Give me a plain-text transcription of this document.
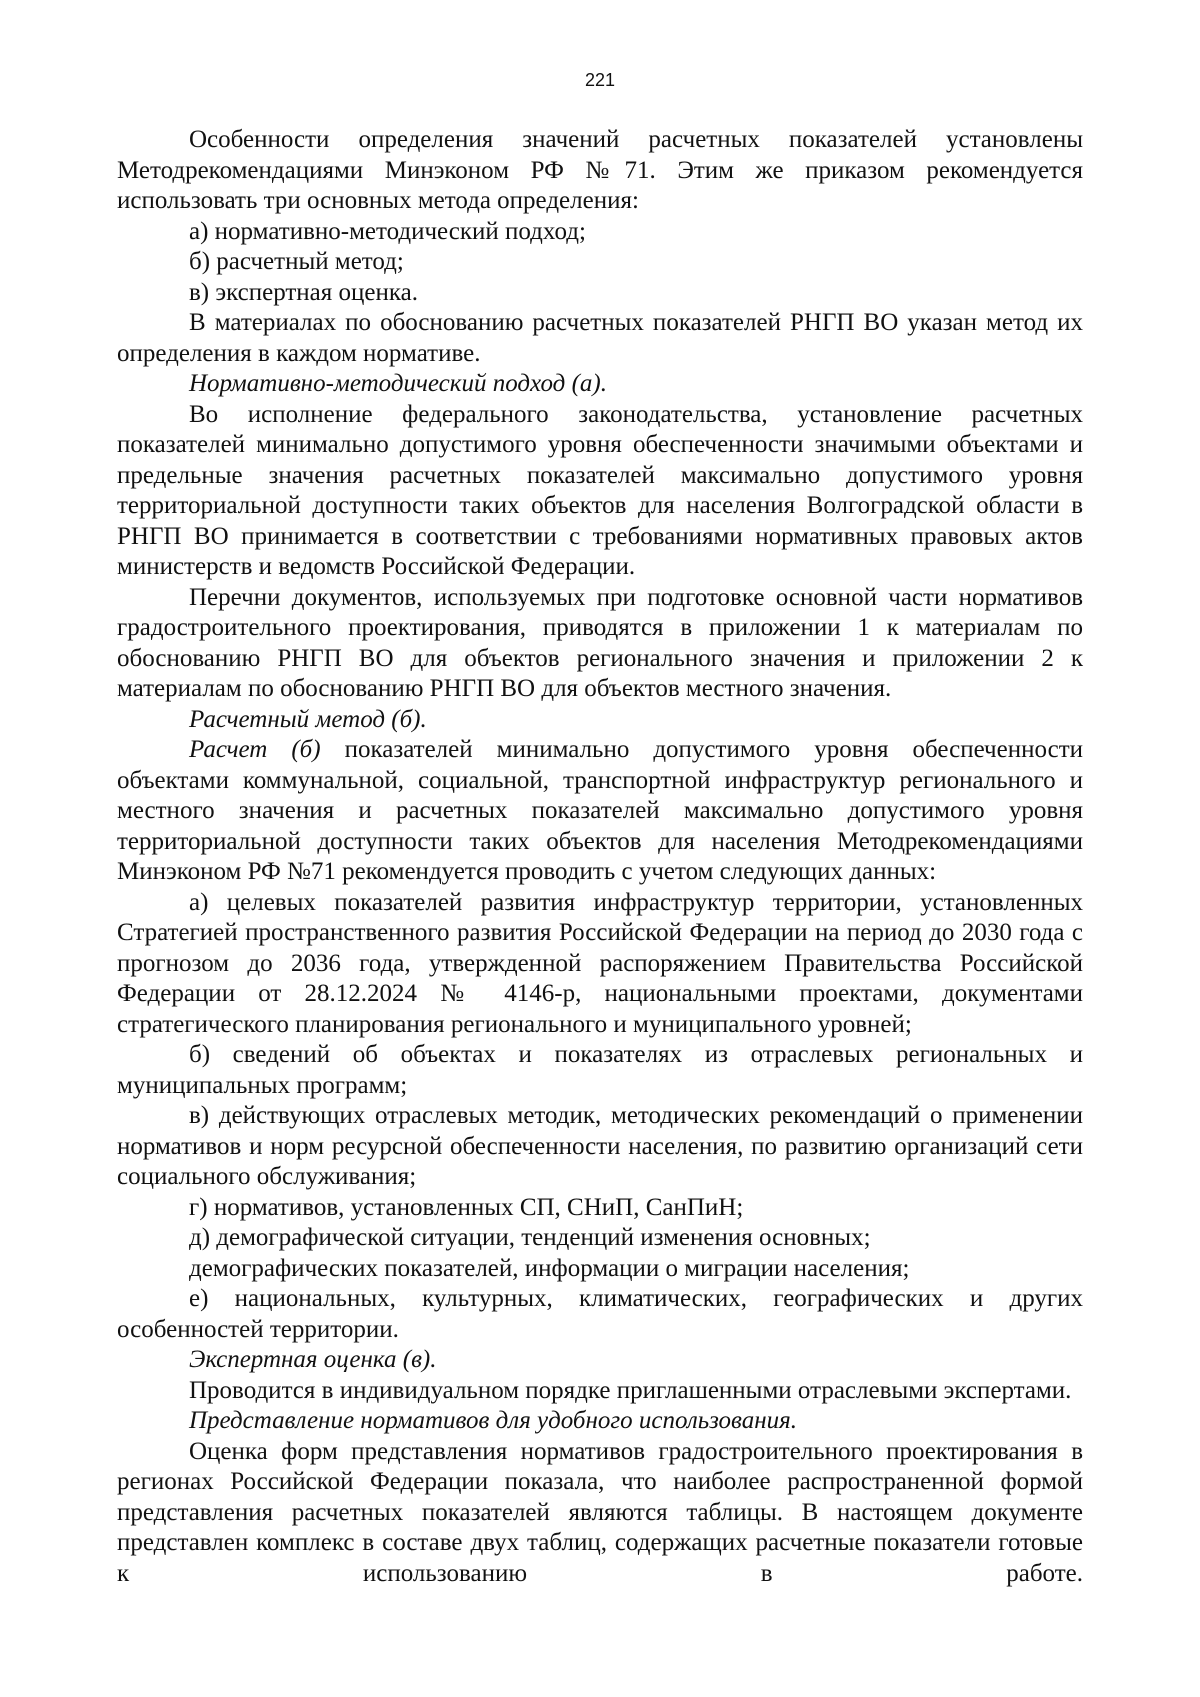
221

Особенности определения значений расчетных показателей установлены Методрекомендациями Минэконом РФ №71. Этим же приказом рекомендуется использовать три основных метода определения:

а) нормативно-методический подход;

б) расчетный метод;

в) экспертная оценка.

В материалах по обоснованию расчетных показателей РНГП ВО указан метод их определения в каждом нормативе.

Нормативно-методический подход (а).

Во исполнение федерального законодательства, установление расчетных показателей минимально допустимого уровня обеспеченности значимыми объектами и предельные значения расчетных показателей максимально допустимого уровня территориальной доступности таких объектов для населения Волгоградской области в РНГП ВО принимается в соответствии с требованиями нормативных правовых актов министерств и ведомств Российской Федерации.

Перечни документов, используемых при подготовке основной части нормативов градостроительного проектирования, приводятся в приложении 1 к материалам по обоснованию РНГП ВО для объектов регионального значения и приложении 2 к материалам по обоснованию РНГП ВО для объектов местного значения.

Расчетный метод (б).

Расчет (б) показателей минимально допустимого уровня обеспеченности объектами коммунальной, социальной, транспортной инфраструктур регионального и местного значения и расчетных показателей максимально допустимого уровня территориальной доступности таких объектов для населения Методрекомендациями Минэконом РФ №71 рекомендуется проводить с учетом следующих данных:

а) целевых показателей развития инфраструктур территории, установленных Стратегией пространственного развития Российской Федерации на период до 2030 года с прогнозом до 2036 года, утвержденной распоряжением Правительства Российской Федерации от 28.12.2024 № 4146-р, национальными проектами, документами стратегического планирования регионального и муниципального уровней;

б) сведений об объектах и показателях из отраслевых региональных и муниципальных программ;

в) действующих отраслевых методик, методических рекомендаций о применении нормативов и норм ресурсной обеспеченности населения, по развитию организаций сети социального обслуживания;

г) нормативов, установленных СП, СНиП, СанПиН;

д) демографической ситуации, тенденций изменения основных;

демографических показателей, информации о миграции населения;

е) национальных, культурных, климатических, географических и других особенностей территории.

Экспертная оценка (в).

Проводится в индивидуальном порядке приглашенными отраслевыми экспертами.

Представление нормативов для удобного использования.

Оценка форм представления нормативов градостроительного проектирования в регионах Российской Федерации показала, что наиболее распространенной формой представления расчетных показателей являются таблицы. В настоящем документе представлен комплекс в составе двух таблиц, содержащих расчетные показатели готовые к использованию в работе.
